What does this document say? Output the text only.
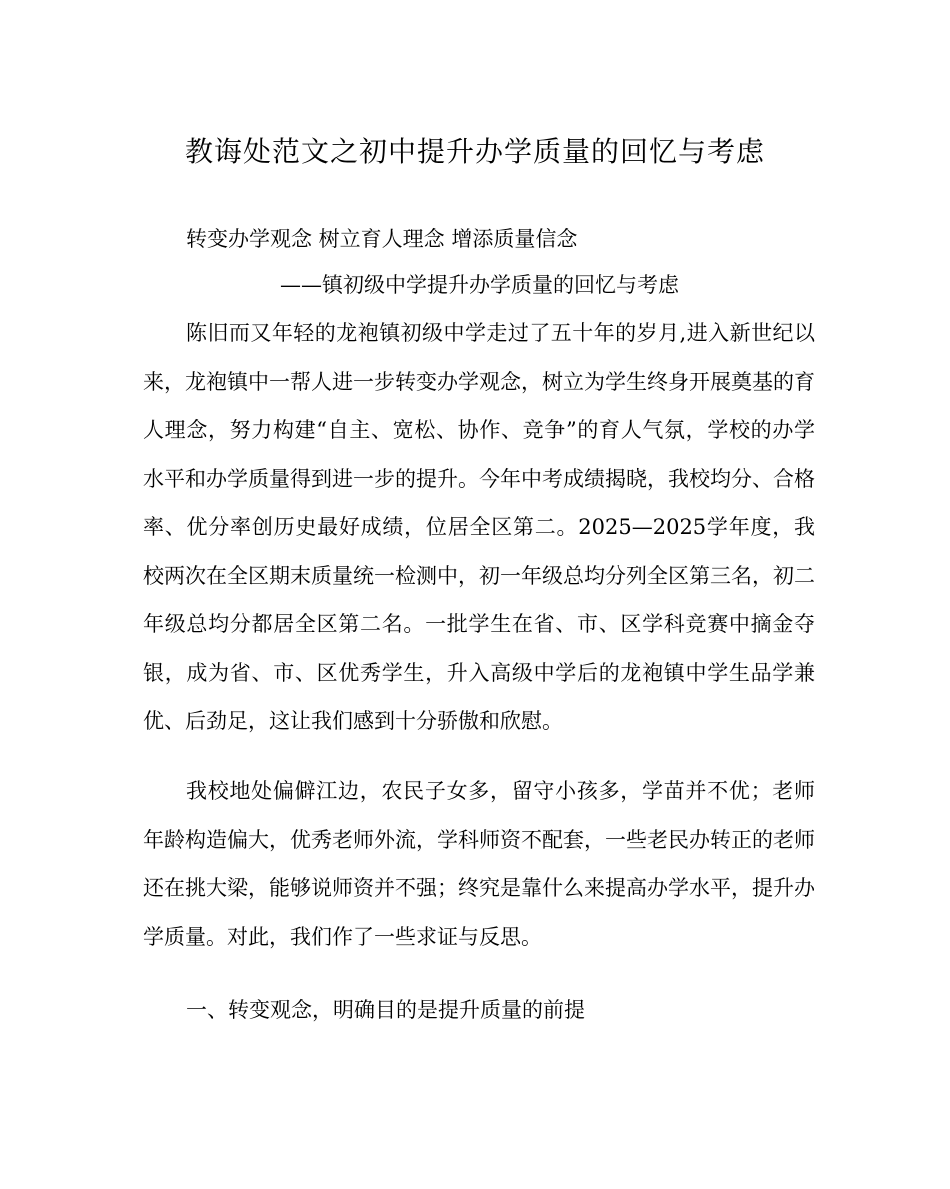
教诲处范文之初中提升办学质量的回忆与考虑
转变办学观念 树立育人理念 增添质量信念
——镇初级中学提升办学质量的回忆与考虑

陈旧而又年轻的龙袍镇初级中学走过了五十年的岁月,进入新世纪以来，龙袍镇中一帮人进一步转变办学观念，树立为学生终身开展奠基的育人理念，努力构建“自主、宽松、协作、竞争”的育人气氛，学校的办学水平和办学质量得到进一步的提升。今年中考成绩揭晓，我校均分、合格率、优分率创历史最好成绩，位居全区第二。2025—2025学年度，我校两次在全区期末质量统一检测中，初一年级总均分列全区第三名，初二年级总均分都居全区第二名。一批学生在省、市、区学科竞赛中摘金夺银，成为省、市、区优秀学生，升入高级中学后的龙袍镇中学生品学兼优、后劲足，这让我们感到十分骄傲和欣慰。

我校地处偏僻江边，农民子女多，留守小孩多，学苗并不优；老师年龄构造偏大，优秀老师外流，学科师资不配套，一些老民办转正的老师还在挑大梁，能够说师资并不强；终究是靠什么来提高办学水平，提升办学质量。对此，我们作了一些求证与反思。

一、转变观念，明确目的是提升质量的前提
